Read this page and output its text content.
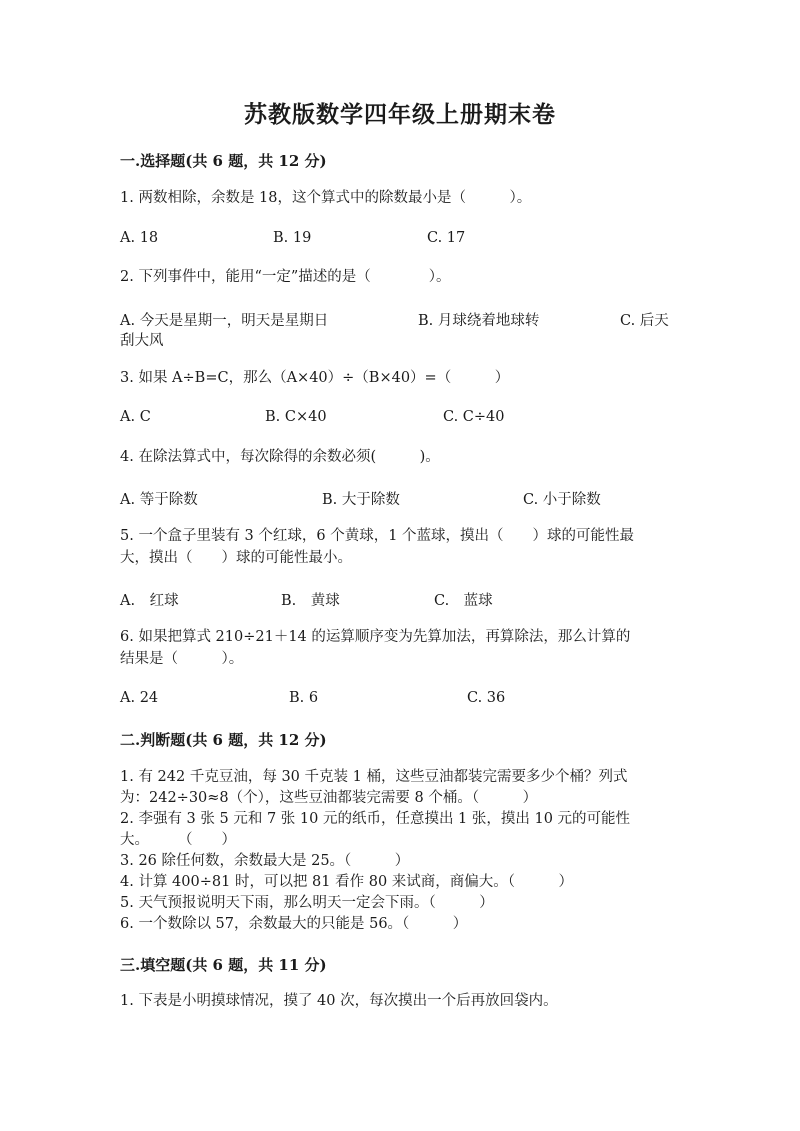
苏教版数学四年级上册期末卷
一.选择题(共 6 题，共 12 分)
1. 两数相除，余数是 18，这个算式中的除数最小是（　　　）。
A. 18	B. 19	C. 17
2. 下列事件中，能用“一定”描述的是（　　　　）。
A. 今天是星期一，明天是星期日	B. 月球绕着地球转	C. 后天
刮大风
3. 如果 A÷B=C，那么（A×40）÷（B×40）=（　　　）
A. C	B. C×40	C. C÷40
4. 在除法算式中，每次除得的余数必须(　　　)。
A. 等于除数	B. 大于除数	C. 小于除数
5. 一个盒子里装有 3 个红球，6 个黄球，1 个蓝球，摸出（　　）球的可能性最
大，摸出（　　）球的可能性最小。
A.　红球	B.　黄球	C.　蓝球
6. 如果把算式 210÷21＋14 的运算顺序变为先算加法，再算除法，那么计算的
结果是（　　　）。
A. 24	B. 6	C. 36
二.判断题(共 6 题，共 12 分)
1. 有 242 千克豆油，每 30 千克装 1 桶，这些豆油都装完需要多少个桶？列式
为：242÷30≈8（个），这些豆油都装完需要 8 个桶。（　　　）
2. 李强有 3 张 5 元和 7 张 10 元的纸币，任意摸出 1 张，摸出 10 元的可能性
大。　　　（　　）
3. 26 除任何数，余数最大是 25。（　　　）
4. 计算 400÷81 时，可以把 81 看作 80 来试商，商偏大。（　　　）
5. 天气预报说明天下雨，那么明天一定会下雨。（　　　）
6. 一个数除以 57，余数最大的只能是 56。（　　　）
三.填空题(共 6 题，共 11 分)
1. 下表是小明摸球情况，摸了 40 次，每次摸出一个后再放回袋内。
